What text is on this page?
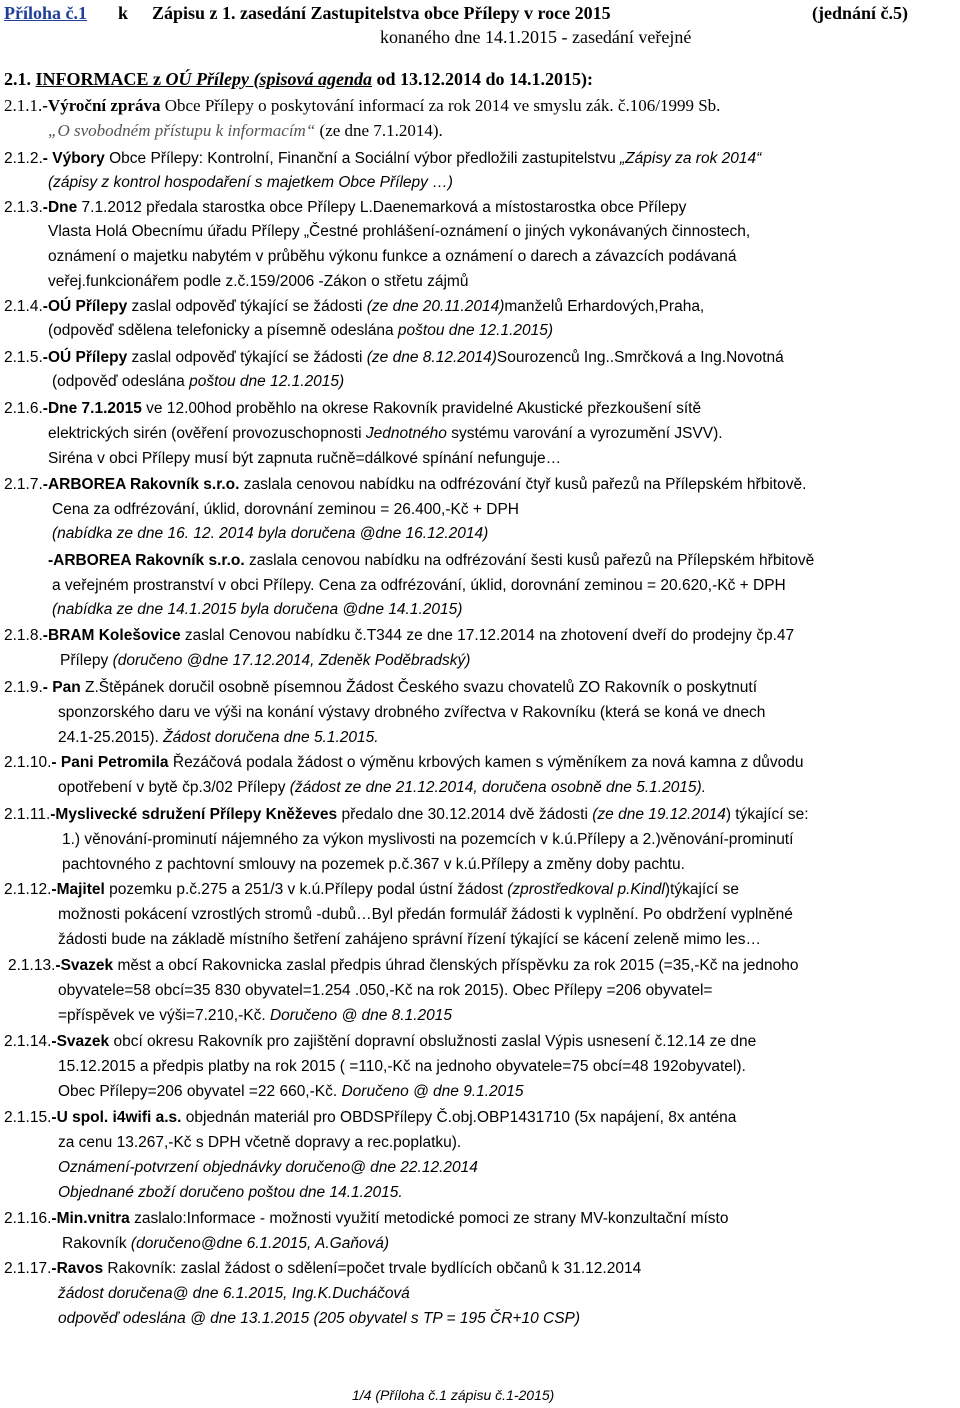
Příloha č.1 k Zápisu z 1. zasedání Zastupitelstva obce Přílepy v roce 2015	(jednání č.5)
konaného dne 14.1.2015 - zasedání veřejné
2.1. INFORMACE z OÚ Přílepy (spisová agenda od 13.12.2014 do 14.1.2015):
2.1.1.-Výroční zpráva Obce Přílepy o poskytování informací za rok 2014 ve smyslu zák. č.106/1999 Sb.
„O svobodném přístupu k informacím“ (ze dne 7.1.2014).
2.1.2.- Výbory Obce Přílepy: Kontrolní, Finanční a Sociální výbor předložili zastupitelstvu „Zápisy za rok 2014“
(zápisy z kontrol hospodaření s majetkem Obce Přílepy …)
2.1.3.-Dne 7.1.2012 předala starostka obce Přílepy L.Daenemarková a místostarostka obce Přílepy
Vlasta Holá Obecnímu úřadu Přílepy „Čestné prohlášení-oznámení o jiných vykonávaných činnostech,
oznámení o majetku nabytém v průběhu výkonu funkce a oznámení o darech a závazcích podávaná
veřej.funkcionářem podle z.č.159/2006 -Zákon o střetu zájmů
2.1.4.-OÚ Přílepy zaslal odpověď týkající se žádosti (ze dne 20.11.2014)manželů Erhardových,Praha,
(odpověď sdělena telefonicky a písemně odeslána poštou dne 12.1.2015)
2.1.5.-OÚ Přílepy zaslal odpověď týkající se žádosti (ze dne 8.12.2014)Sourozenců Ing..Smrčková a Ing.Novotná
(odpověď odeslána poštou dne 12.1.2015)
2.1.6.-Dne 7.1.2015 ve 12.00hod proběhlo na okrese Rakovník pravidelné Akustické přezkoušení sítě
elektrických sirén (ověření provozuschopnosti Jednotného systému varování a vyrozumění JSVV).
Siréna v obci Přílepy musí být zapnuta ručně=dálkové spínání nefunguje…
2.1.7.-ARBOREA Rakovník s.r.o. zaslala cenovou nabídku na odfrézování čtyř kusů pařezů na Přílepském hřbitově.
Cena za odfrézování, úklid, dorovnání zeminou = 26.400,-Kč + DPH
(nabídka ze dne 16. 12. 2014 byla doručena @dne 16.12.2014)
-ARBOREA Rakovník s.r.o. zaslala cenovou nabídku na odfrézování šesti kusů pařezů na Přílepském hřbitově
a veřejném prostranství v obci Přílepy. Cena za odfrézování, úklid, dorovnání zeminou = 20.620,-Kč + DPH
(nabídka ze dne 14.1.2015 byla doručena @dne 14.1.2015)
2.1.8.-BRAM Kolešovice zaslal Cenovou nabídku č.T344 ze dne 17.12.2014 na zhotovení dveří do prodejny čp.47
Přílepy (doručeno @dne 17.12.2014, Zdeněk Poděbradský)
2.1.9.- Pan Z.Štěpánek doručil osobně písemnou Žádost Českého svazu chovatelů ZO Rakovník o poskytnutí
sponzorského daru ve výši na konání výstavy drobného zvířectva v Rakovníku (která se koná ve dnech
24.1-25.2015). Žádost doručena dne 5.1.2015.
2.1.10.- Pani Petromila Řezáčová podala žádost o výměnu krbových kamen s výměníkem za nová kamna z důvodu
opotřebení v bytě čp.3/02 Přílepy (žádost ze dne 21.12.2014, doručena osobně dne 5.1.2015).
2.1.11.-Myslivecké sdružení Přílepy Kněževes předalo dne 30.12.2014 dvě žádosti (ze dne 19.12.2014) týkající se:
1.) věnování-prominutí nájemného za výkon myslivosti na pozemcích v k.ú.Přílepy a 2.)věnování-prominutí
pachtovného z pachtovní smlouvy na pozemek p.č.367 v k.ú.Přílepy a změny doby pachtu.
2.1.12.-Majitel pozemku p.č.275 a 251/3 v k.ú.Přílepy podal ústní žádost (zprostředkoval p.Kindl)týkající se
možnosti pokácení vzrostlých stromů -dubů…Byl předán formulář žádosti k vyplnění. Po obdržení vyplněné
žádosti bude na základě místního šetření zahájeno správní řízení týkající se kácení zeleně mimo les…
2.1.13.-Svazek měst a obcí Rakovnicka zaslal předpis úhrad členských příspěvku za rok 2015 (=35,-Kč na jednoho
obyvatele=58 obcí=35 830 obyvatel=1.254 .050,-Kč na rok 2015). Obec Přílepy =206 obyvatel=
=příspěvek ve výši=7.210,-Kč. Doručeno @ dne 8.1.2015
2.1.14.-Svazek obcí okresu Rakovník pro zajištění dopravní obslužnosti zaslal Výpis usnesení č.12.14 ze dne
15.12.2015 a předpis platby na rok 2015 ( =110,-Kč na jednoho obyvatele=75 obcí=48 192obyvatel).
Obec Přílepy=206 obyvatel =22 660,-Kč. Doručeno @ dne 9.1.2015
2.1.15.-U spol. i4wifi a.s. objednán materiál pro OBDSPřílepy Č.obj.OBP1431710 (5x napájení, 8x anténa
za cenu 13.267,-Kč s DPH včetně dopravy a rec.poplatku).
Oznámení-potvrzení objednávky doručeno@ dne 22.12.2014
Objednané zboží doručeno poštou dne 14.1.2015.
2.1.16.-Min.vnitra zaslalo:Informace - možnosti využití metodické pomoci ze strany MV-konzultační místo
Rakovník (doručeno@dne 6.1.2015, A.Gaňová)
2.1.17.-Ravos Rakovník: zaslal žádost o sdělení=počet trvale bydlících občanů k 31.12.2014
žádost doručena@ dne 6.1.2015, Ing.K.Ducháčová
odpověď odeslána @ dne 13.1.2015 (205 obyvatel s TP = 195 ČR+10 CSP)
1/4 (Příloha č.1 zápisu č.1-2015)
